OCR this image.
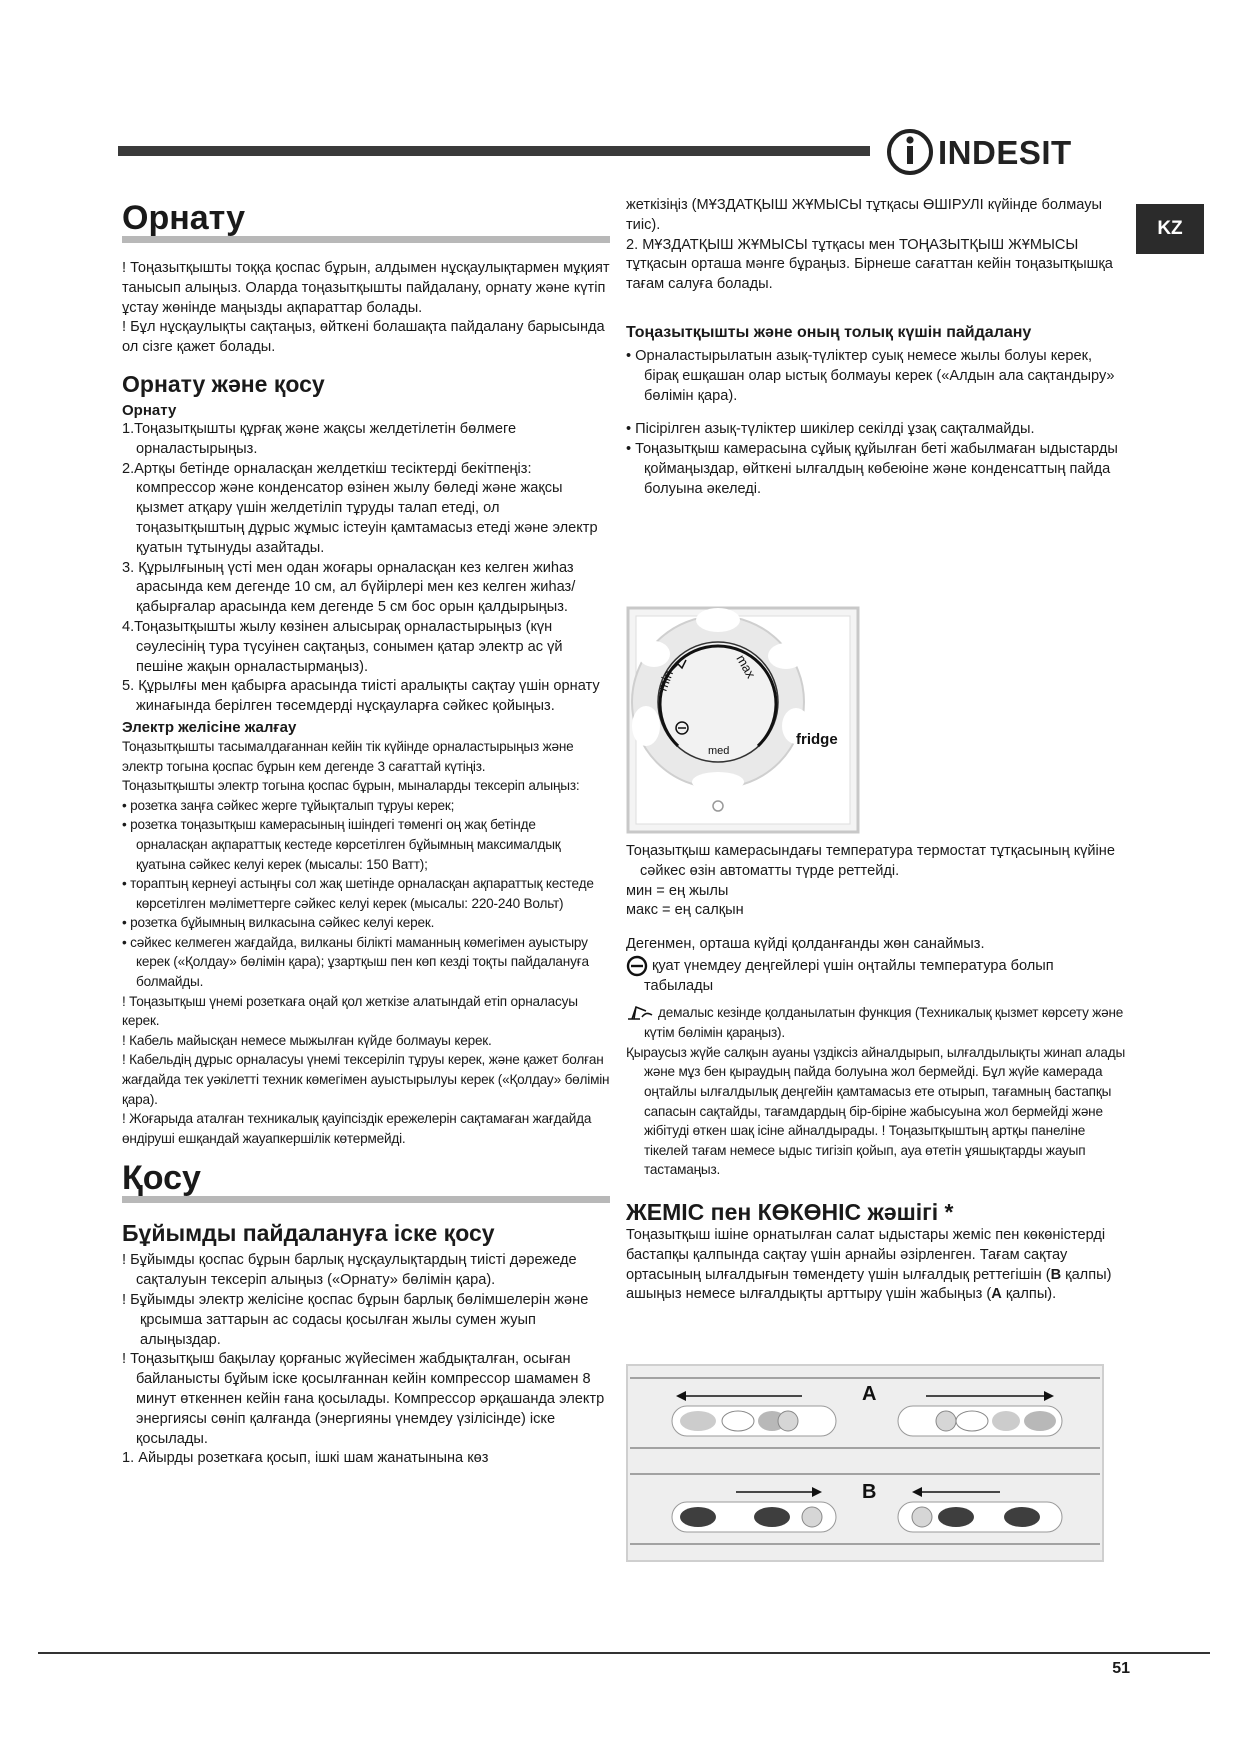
INDESIT
KZ
Орнату

! Тоңазытқышты тоққа қоспас бұрын, алдымен нұсқаулықтармен мұқият танысып алыңыз. Оларда тоңазытқышты пайдалану, орнату және күтіп ұстау жөнінде маңызды ақпараттар болады.

! Бұл нұсқаулықты сақтаңыз, өйткені болашақта пайдалану барысында ол сізге қажет болады.

Орнату және қосу
Орнату
1.Тоңазытқышты құрғақ және жақсы желдетілетін бөлмеге орналастырыңыз.
2.Артқы бетінде орналасқан желдеткіш тесіктерді бекітпеңіз: компрессор және конденсатор өзінен жылу бөледі және жақсы қызмет атқару үшін желдетіліп тұруды талап етеді, ол тоңазытқыштың дұрыс жұмыс істеуін қамтамасыз етеді және электр қуатын тұтынуды азайтады.
3. Құрылғының үсті мен одан жоғары орналасқан кез келген жиһаз арасында кем дегенде 10 см, ал бүйірлері мен кез келген жиһаз/қабырғалар арасында кем дегенде 5 см бос орын қалдырыңыз.
4.Тоңазытқышты жылу көзінен алысырақ орналастырыңыз (күн сәулесінің тура түсуінен сақтаңыз, сонымен қатар электр ас үй пешіне жақын орналастырмаңыз).
5. Құрылғы мен қабырға арасында тиісті аралықты сақтау үшін орнату жинағында берілген төсемдерді нұсқауларға сәйкес қойыңыз.
Электр желісіне жалғау

Тоңазытқышты тасымалдағаннан кейін тік күйінде орналастырыңыз және электр тогына қоспас бұрын кем дегенде 3 сағаттай күтіңіз.

Тоңазытқышты электр тогына қоспас бұрын, мыналарды тексеріп алыңыз:

• розетка заңға сәйкес жерге тұйықталып тұруы керек;
• розетка тоңазытқыш камерасының ішіндегі төменгі оң жақ бетінде орналасқан ақпараттық кестеде көрсетілген бұйымның максималдық қуатына сәйкес келуі керек (мысалы: 150 Ватт);
• торaптың кернеуі астыңғы сол жақ шетінде орналасқан ақпараттық кестеде көрсетілген мәліметтерге сәйкес келуі керек (мысалы: 220-240 Вольт)
• розетка бұйымның вилкасына сәйкес келуі керек.
• сәйкес келмеген жағдайда, вилканы білікті маманның көмегімен ауыстыру керек («Қолдау» бөлімін қара); ұзартқыш пен көп кезді тоқты пайдалануға болмайды.

! Тоңазытқыш үнемі розеткаға оңай қол жеткізе алатындай етіп орналасуы керек.

! Кабель майысқан немесе мыжылған күйде болмауы керек.

! Кабельдің дұрыс орналасуы үнемі тексеріліп тұруы керек, және қажет болған жағдайда тек уәкілетті техник көмегімен ауыстырылуы керек («Қолдау» бөлімін қара).

! Жоғарыда аталған техникалық қауіпсіздік ережелерін сақтамаған жағдайда өндіруші ешқандай жауапкершілік көтермейді.

Қосу
Бұйымды пайдалануға іске қосу
! Бұйымды қоспас бұрын барлық нұсқаулықтардың тиісті дәрежеде сақталуын тексеріп алыңыз («Орнату» бөлімін қара).
! Бұйымды электр желісіне қоспас бұрын барлық бөлімшелерін және қрсымша заттарын ас содасы қосылған жылы сумен жуып алыңыздар.
! Тоңазытқыш бақылау қорғаныс жүйесімен жабдықталған, осыған байланысты бұйым іске қосылғаннан кейін компрессор шамамен 8 минут өткеннен кейін ғана қосылады. Компрессор әрқашанда электр энергиясы сөніп қалғанда (энергияны үнемдеу үзілісінде) іске қосылады.
1. Айырды розеткаға қосып, ішкі шам жанатынына көз

жеткізіңіз (МҰЗДАТҚЫШ ЖҰМЫСЫ тұтқасы ӨШІРУЛІ күйінде болмауы тиіс).

2. МҰЗДАТҚЫШ ЖҰМЫСЫ тұтқасы мен ТОҢАЗЫТҚЫШ ЖҰМЫСЫ тұтқасын орташа мәнге бұраңыз. Бірнеше сағаттан кейін тоңазытқышқа тағам салуға болады.

Тоңазытқышты және оның толық күшін пайдалану
• Орналастырылатын азық-түліктер суық немесе жылы болуы керек, бірақ ешқашан олар ыстық болмауы керек («Алдын ала сақтандыру» бөлімін қара).
• Пісірілген азық-түліктер шикілер секілді ұзақ сақталмайды.
• Тоңазытқыш камерасына сұйық құйылған беті жабылмаған ыдыстарды қоймаңыздар, өйткені ылғалдың көбеюіне және конденсаттың пайда болуына әкеледі.
min	max
med
fridge

Тоңазытқыш камерасындағы температура термостат тұтқасының күйіне сәйкес өзін автоматты түрде реттейді.

мин = ең жылы

макс = ең салқын

Дегенмен, орташа күйді қолданғанды жөн санаймыз.

қуат үнемдеу деңгейлері үшін оңтайлы температура болып табылады

демалыс кезінде қолданылатын функция (Техникалық қызмет көрсету және күтім бөлімін қараңыз).

Қырaусыз жүйе салқын ауаны үздіксіз айналдырып, ылғалдылықты жинап алады және мұз бен қыраудың пайда болуына жол бермейді. Бұл жүйе камерада оңтайлы ылғалдылық деңгейін қамтамасыз ете отырып, тағамның бастапқы сапасын сақтайды, тағамдардың бір-біріне жабысуына жол бермейді және жібітуді өткен шақ ісіне айналдырады. ! Тоңазытқыштың артқы панеліне тікелей тағам немесе ыдыс тигізіп қойып, ауа өтетін ұяшықтарды жауып тастамаңыз.

ЖЕМІС пен КӨКӨНІС жәшігі *

Тоңазытқыш ішіне орнатылған салат ыдыстары жеміс пен көкөністерді бастапқы қалпында сақтау үшін арнайы әзірленген. Тағам сақтау ортасының ылғалдығын төмендету үшін ылғалдық реттегішін (B қалпы) ашыңыз немесе ылғалдықты арттыру үшін жабыңыз (A қалпы).

A
B
51
